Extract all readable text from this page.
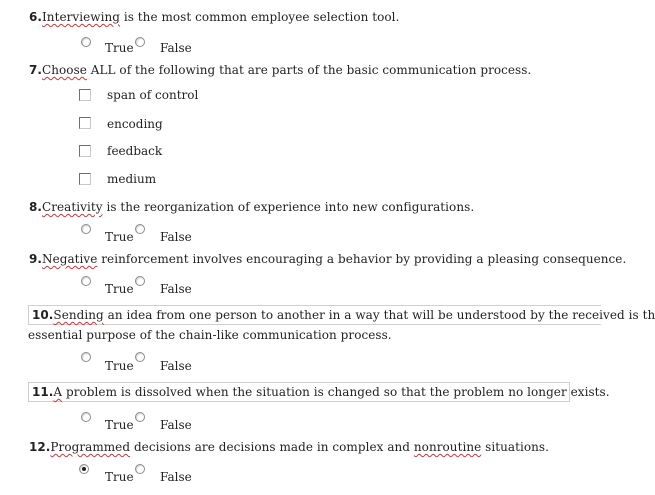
6.Interviewing is the most common employee selection tool.
True False
7.Choose ALL of the following that are parts of the basic communication process.
span of control
encoding
feedback
medium
8.Creativity is the reorganization of experience into new configurations.
True False
9.Negative reinforcement involves encouraging a behavior by providing a pleasing consequence.
True False
10.Sending an idea from one person to another in a way that will be understood by the received is th
essential purpose of the chain-like communication process.
True False
11.A problem is dissolved when the situation is changed so that the problem no longer exists.
True False
12.Programmed decisions are decisions made in complex and nonroutine situations.
True False
